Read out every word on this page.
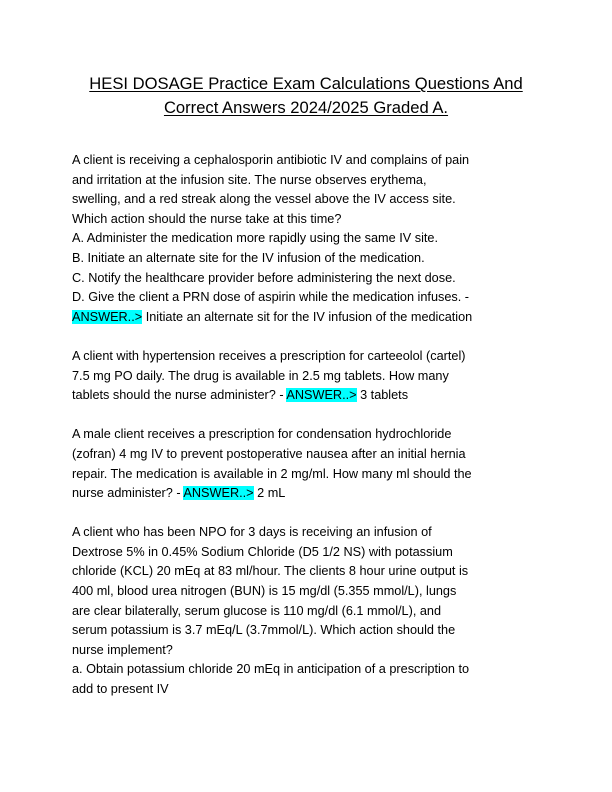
HESI DOSAGE Practice Exam Calculations Questions And
Correct Answers 2024/2025 Graded A.
A client is receiving a cephalosporin antibiotic IV and complains of pain
and irritation at the infusion site. The nurse observes erythema,
swelling, and a red streak along the vessel above the IV access site.
Which action should the nurse take at this time?
A. Administer the medication more rapidly using the same IV site.
B. Initiate an alternate site for the IV infusion of the medication.
C. Notify the healthcare provider before administering the next dose.
D. Give the client a PRN dose of aspirin while the medication infuses. -
ANSWER..> Initiate an alternate sit for the IV infusion of the medication
A client with hypertension receives a prescription for carteeolol (cartel)
7.5 mg PO daily. The drug is available in 2.5 mg tablets. How many
tablets should the nurse administer? - ANSWER..> 3 tablets
A male client receives a prescription for condensation hydrochloride
(zofran) 4 mg IV to prevent postoperative nausea after an initial hernia
repair. The medication is available in 2 mg/ml. How many ml should the
nurse administer? - ANSWER..> 2 mL
A client who has been NPO for 3 days is receiving an infusion of
Dextrose 5% in 0.45% Sodium Chloride (D5 1/2 NS) with potassium
chloride (KCL) 20 mEq at 83 ml/hour. The clients 8 hour urine output is
400 ml, blood urea nitrogen (BUN) is 15 mg/dl (5.355 mmol/L), lungs
are clear bilaterally, serum glucose is 110 mg/dl (6.1 mmol/L), and
serum potassium is 3.7 mEq/L (3.7mmol/L). Which action should the
nurse implement?
a. Obtain potassium chloride 20 mEq in anticipation of a prescription to
add to present IV
